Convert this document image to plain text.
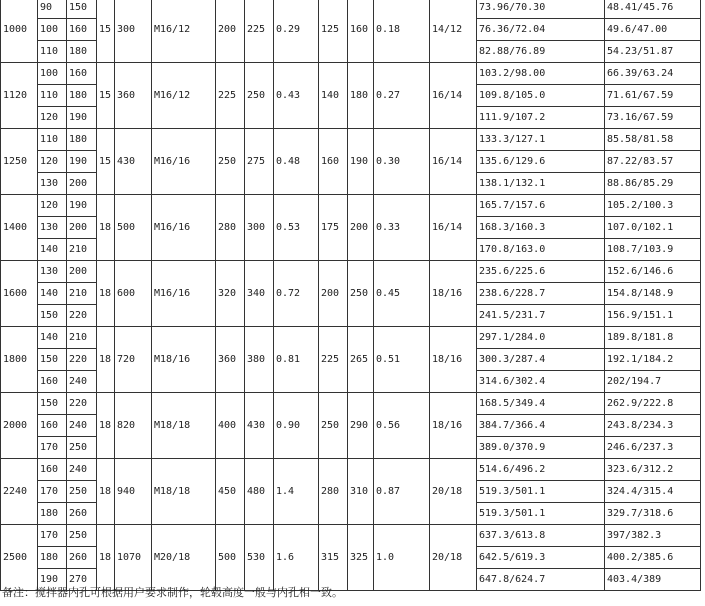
1000	90	150	15	300	M16/12	200	225	0.29	125	160	0.18	14/12	73.96/70.30	48.41/45.76
	100	160											76.36/72.04	49.6/47.00
	110	180											82.88/76.89	54.23/51.87
1120	100	160	15	360	M16/12	225	250	0.43	140	180	0.27	16/14	103.2/98.00	66.39/63.24
	110	180											109.8/105.0	71.61/67.59
	120	190											111.9/107.2	73.16/67.59
1250	110	180	15	430	M16/16	250	275	0.48	160	190	0.30	16/14	133.3/127.1	85.58/81.58
	120	190											135.6/129.6	87.22/83.57
	130	200											138.1/132.1	88.86/85.29
1400	120	190	18	500	M16/16	280	300	0.53	175	200	0.33	16/14	165.7/157.6	105.2/100.3
	130	200											168.3/160.3	107.0/102.1
	140	210											170.8/163.0	108.7/103.9
1600	130	200	18	600	M16/16	320	340	0.72	200	250	0.45	18/16	235.6/225.6	152.6/146.6
	140	210											238.6/228.7	154.8/148.9
	150	220											241.5/231.7	156.9/151.1
1800	140	210	18	720	M18/16	360	380	0.81	225	265	0.51	18/16	297.1/284.0	189.8/181.8
	150	220											300.3/287.4	192.1/184.2
	160	240											314.6/302.4	202/194.7
2000	150	220	18	820	M18/18	400	430	0.90	250	290	0.56	18/16	168.5/349.4	262.9/222.8
	160	240											384.7/366.4	243.8/234.3
	170	250											389.0/370.9	246.6/237.3
2240	160	240	18	940	M18/18	450	480	1.4	280	310	0.87	20/18	514.6/496.2	323.6/312.2
	170	250											519.3/501.1	324.4/315.4
	180	260											519.3/501.1	329.7/318.6
2500	170	250	18	1070	M20/18	500	530	1.6	315	325	1.0	20/18	637.3/613.8	397/382.3
	180	260											642.5/619.3	400.2/385.6
	190	270											647.8/624.7	403.4/389
备注：搅拌器内孔可根据用户要求制作，轮毂高度一般与内孔相一致。
